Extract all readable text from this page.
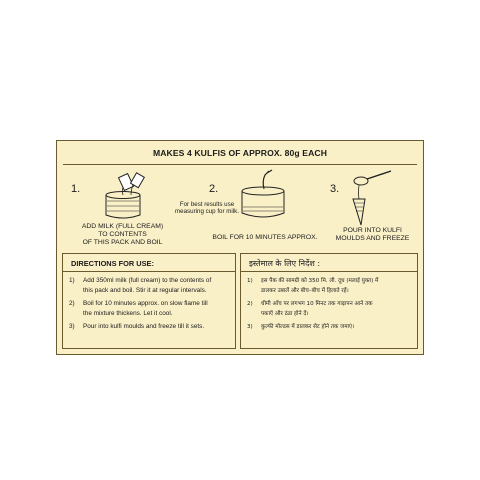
MAKES 4 KULFIS OF APPROX. 80g EACH
1.
ADD MILK (FULL CREAM)
TO CONTENTS
OF THIS PACK AND BOIL
For best results use
measuring cup for milk.
2.
BOIL FOR 10 MINUTES APPROX.
3.
POUR INTO KULFI
MOULDS AND FREEZE
DIRECTIONS FOR USE:
1)	Add 350ml milk (full cream) to the contents of
this pack and boil. Stir it at regular intervals.
2)	Boil for 10 minutes approx. on slow flame till
the mixture thickens. Let it cool.
3)	Pour into kulfi moulds and freeze till it sets.
इस्तेमाल के लिए निर्देश :
1)	इस पैक की सामग्री को 350 मि. ली. दूध (मलाई युक्त) में
डालकर उबालें और बीच–बीच में हिलाते रहें।
2)	धीमी आँच पर लगभग 10 मिनट तक गाढ़ापन आने तक
पकाएँ और ठंडा होने दें।
3)	कुल्फी मोल्डस में डालकर सेट होने तक जमाएं।
